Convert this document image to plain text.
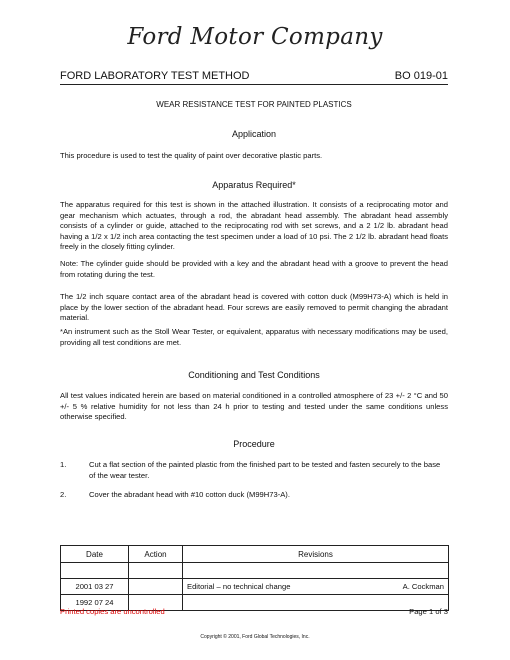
Ford Motor Company
FORD LABORATORY TEST METHOD	BO 019-01
WEAR RESISTANCE TEST FOR PAINTED PLASTICS
Application
This procedure is used to test the quality of paint over decorative plastic parts.
Apparatus Required*
The apparatus required for this test is shown in the attached illustration. It consists of a reciprocating motor and gear mechanism which actuates, through a rod, the abradant head assembly. The abradant head assembly consists of a cylinder or guide, attached to the reciprocating rod with set screws, and a 2 1/2 lb. abradant head having a 1/2 x 1/2 inch area contacting the test specimen under a load of 10 psi. The 2 1/2 lb. abradant head floats freely in the closely fitting cylinder.
Note: The cylinder guide should be provided with a key and the abradant head with a groove to prevent the head from rotating during the test.
The 1/2 inch square contact area of the abradant head is covered with cotton duck (M99H73-A) which is held in place by the lower section of the abradant head. Four screws are easily removed to permit changing the abradant material.
*An instrument such as the Stoll Wear Tester, or equivalent, apparatus with necessary modifications may be used, providing all test conditions are met.
Conditioning and Test Conditions
All test values indicated herein are based on material conditioned in a controlled atmosphere of 23 +/- 2 °C and 50 +/- 5 % relative humidity for not less than 24 h prior to testing and tested under the same conditions unless otherwise specified.
Procedure
1.	Cut a flat section of the painted plastic from the finished part to be tested and fasten securely to the base of the wear tester.
2.	Cover the abradant head with #10 cotton duck (M99H73-A).
Date	Action	Revisions	

2001 03 27		Editorial – no technical change	A. Cockman
1992 07 24			
Printed copies are uncontrolled	Page 1 of 3
Copyright © 2001, Ford Global Technologies, Inc.
